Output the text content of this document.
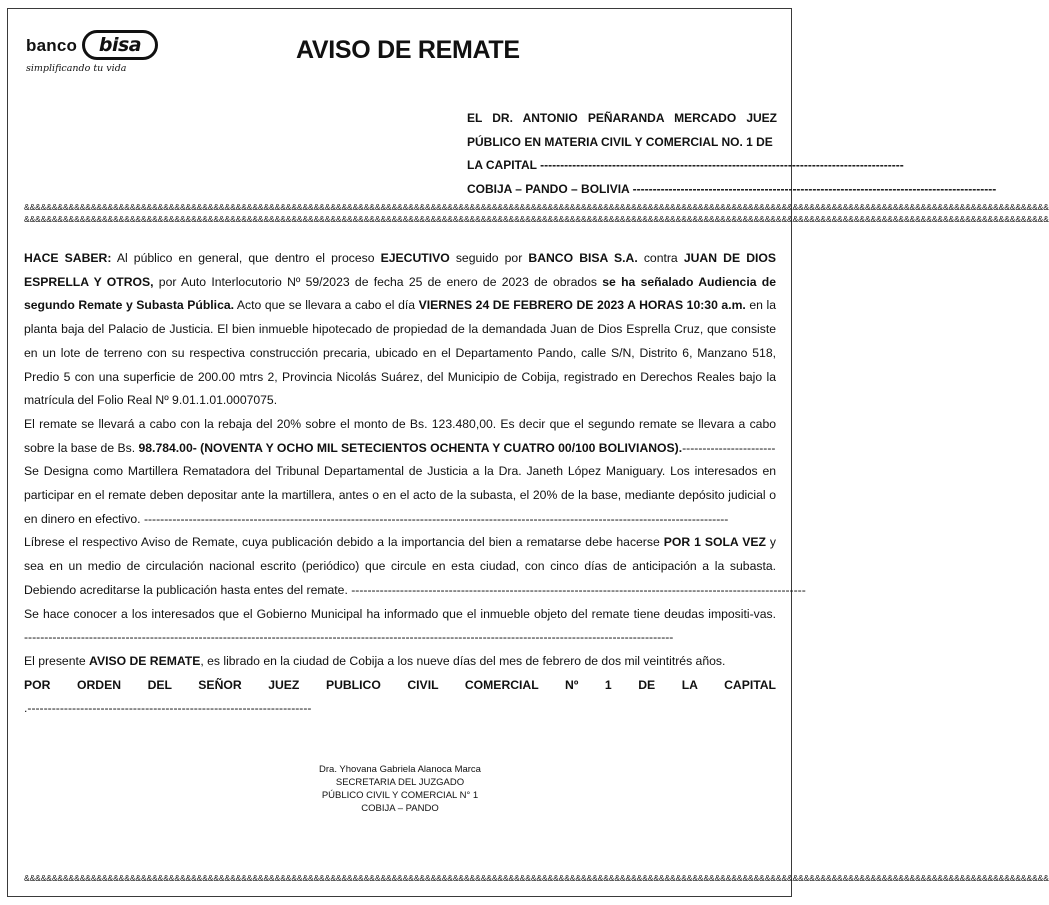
banco bisa
simplificando tu vida
AVISO DE REMATE
EL DR. ANTONIO PEÑARANDA MERCADO JUEZ
PÚBLICO EN MATERIA CIVIL Y COMERCIAL NO. 1 DE
LA CAPITAL -------------------------------------------------------------------------------------------
COBIJA – PANDO – BOLIVIA -------------------------------------------------------------------------------------------
&&&&&&&&&&&&&&&&&&&&&&&&&&&&&&&&&&&&&&&&&&&&&&&&&&&&&&&&&&&&&&&&&&&&&&&&&&&&&&&&&&&&&&&&&&&&&&&&&&&&&&&&&&&&&&&&&&&&&&&&&&&&&&&&&&&&&&&&&&&&&&&&&&&&&&&&&&&&&&&&&&&&&&&&&&&&&&&&&&&&&&&&
&&&&&&&&&&&&&&&&&&&&&&&&&&&&&&&&&&&&&&&&&&&&&&&&&&&&&&&&&&&&&&&&&&&&&&&&&&&&&&&&&&&&&&&&&&&&&&&&&&&&&&&&&&&&&&&&&&&&&&&&&&&&&&&&&&&&&&&&&&&&&&&&&&&&&&&&&&&&&&&&&&&&&&&&&&&&&&&&&&&&&&&&

HACE SABER: Al público en general, que dentro el proceso EJECUTIVO seguido por BANCO BISA S.A. contra JUAN DE DIOS ESPRELLA Y OTROS, por Auto Interlocutorio Nº 59/2023 de fecha 25 de enero de 2023 de obrados se ha señalado Audiencia de segundo Remate y Subasta Pública. Acto que se llevara a cabo el día VIERNES 24 DE FEBRERO DE 2023 A HORAS 10:30 a.m. en la planta baja del Palacio de Justicia. El bien inmueble hipotecado de propiedad de la demandada Juan de Dios Esprella Cruz, que consiste en un lote de terreno con su respectiva construcción precaria, ubicado en el Departamento Pando, calle S/N, Distrito 6, Manzano 518, Predio 5 con una superficie de 200.00 mtrs 2, Provincia Nicolás Suárez, del Municipio de Cobija, registrado en Derechos Reales bajo la matrícula del Folio Real Nº 9.01.1.01.0007075.

El remate se llevará a cabo con la rebaja del 20% sobre el monto de Bs. 123.480,00. Es decir que el segundo remate se llevara a cabo sobre la base de Bs. 98.784.00- (NOVENTA Y OCHO MIL SETECIENTOS OCHENTA Y CUATRO 00/100 BOLIVIANOS).-----------------------

Se Designa como Martillera Rematadora del Tribunal Departamental de Justicia a la Dra. Janeth López Maniguary. Los interesados en participar en el remate deben depositar ante la martillera, antes o en el acto de la subasta, el 20% de la base, mediante depósito judicial o en dinero en efectivo. ------------------------------------------------------------------------------------------------------------------------------------------------

Líbrese el respectivo Aviso de Remate, cuya publicación debido a la importancia del bien a rematarse debe hacerse POR 1 SOLA VEZ y sea en un medio de circulación nacional escrito (periódico) que circule en esta ciudad, con cinco días de anticipación a la subasta. Debiendo acreditarse la publicación hasta entes del remate. ----------------------------------------------------------------------------------------------------------------

Se hace conocer a los interesados que el Gobierno Municipal ha informado que el inmueble objeto del remate tiene deudas impositi-vas. ----------------------------------------------------------------------------------------------------------------------------------------------------------------

El presente AVISO DE REMATE, es librado en la ciudad de Cobija a los nueve días del mes de febrero de dos mil veintitrés años.

POR ORDEN DEL SEÑOR JUEZ PUBLICO CIVIL COMERCIAL Nº 1 DE LA CAPITAL.----------------------------------------------------------------------

Dra. Yhovana Gabriela Alanoca Marca
SECRETARIA DEL JUZGADO
PÚBLICO CIVIL Y COMERCIAL N° 1
COBIJA – PANDO
&&&&&&&&&&&&&&&&&&&&&&&&&&&&&&&&&&&&&&&&&&&&&&&&&&&&&&&&&&&&&&&&&&&&&&&&&&&&&&&&&&&&&&&&&&&&&&&&&&&&&&&&&&&&&&&&&&&&&&&&&&&&&&&&&&&&&&&&&&&&&&&&&&&&&&&&&&&&&&&&&&&&&&&&&&&&&&&&&&&&&&&&
